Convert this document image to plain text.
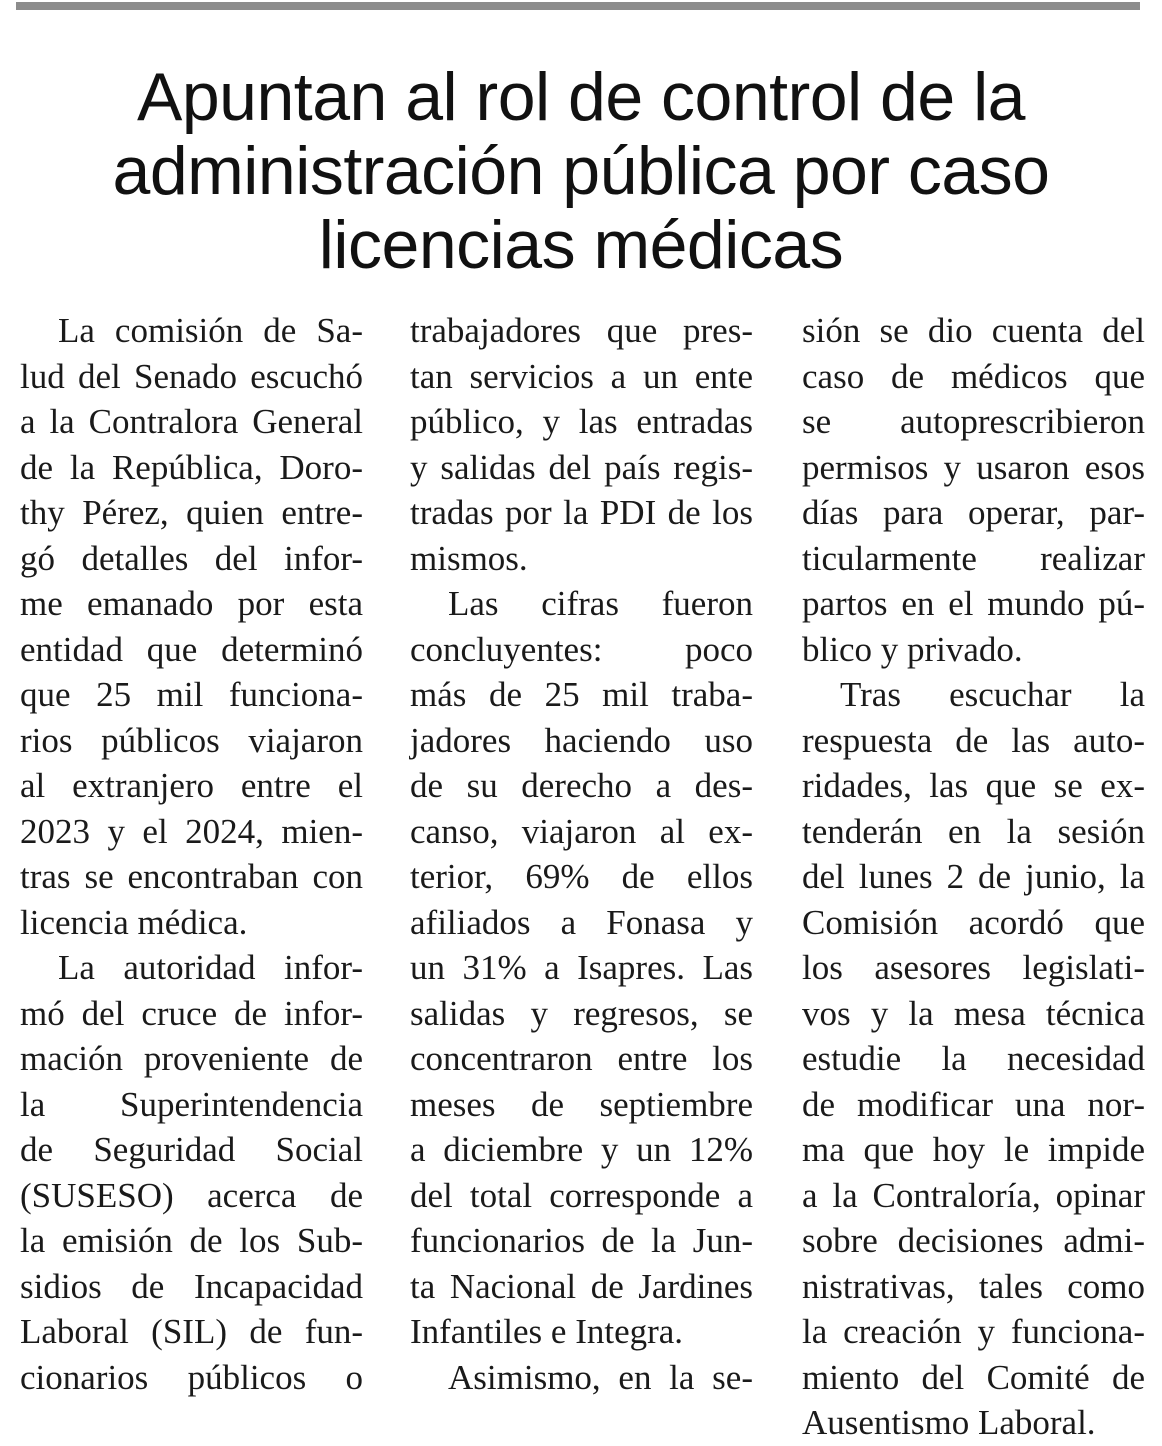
Apuntan al rol de control de la
administración pública por caso
licencias médicas
La comisión de Sa-
lud del Senado escuchó
a la Contralora General
de la República, Doro-
thy Pérez, quien entre-
gó detalles del infor-
me emanado por esta
entidad que determinó
que 25 mil funciona-
rios públicos viajaron
al extranjero entre el
2023 y el 2024, mien-
tras se encontraban con
licencia médica.
La autoridad infor-
mó del cruce de infor-
mación proveniente de
la Superintendencia
de Seguridad Social
(SUSESO) acerca de
la emisión de los Sub-
sidios de Incapacidad
Laboral (SIL) de fun-
cionarios públicos o
trabajadores que pres-
tan servicios a un ente
público, y las entradas
y salidas del país regis-
tradas por la PDI de los
mismos.
Las cifras fueron
concluyentes: poco
más de 25 mil traba-
jadores haciendo uso
de su derecho a des-
canso, viajaron al ex-
terior, 69% de ellos
afiliados a Fonasa y
un 31% a Isapres. Las
salidas y regresos, se
concentraron entre los
meses de septiembre
a diciembre y un 12%
del total corresponde a
funcionarios de la Jun-
ta Nacional de Jardines
Infantiles e Integra.
Asimismo, en la se-
sión se dio cuenta del
caso de médicos que
se autoprescribieron
permisos y usaron esos
días para operar, par-
ticularmente realizar
partos en el mundo pú-
blico y privado.
Tras escuchar la
respuesta de las auto-
ridades, las que se ex-
tenderán en la sesión
del lunes 2 de junio, la
Comisión acordó que
los asesores legislati-
vos y la mesa técnica
estudie la necesidad
de modificar una nor-
ma que hoy le impide
a la Contraloría, opinar
sobre decisiones admi-
nistrativas, tales como
la creación y funciona-
miento del Comité de
Ausentismo Laboral.
